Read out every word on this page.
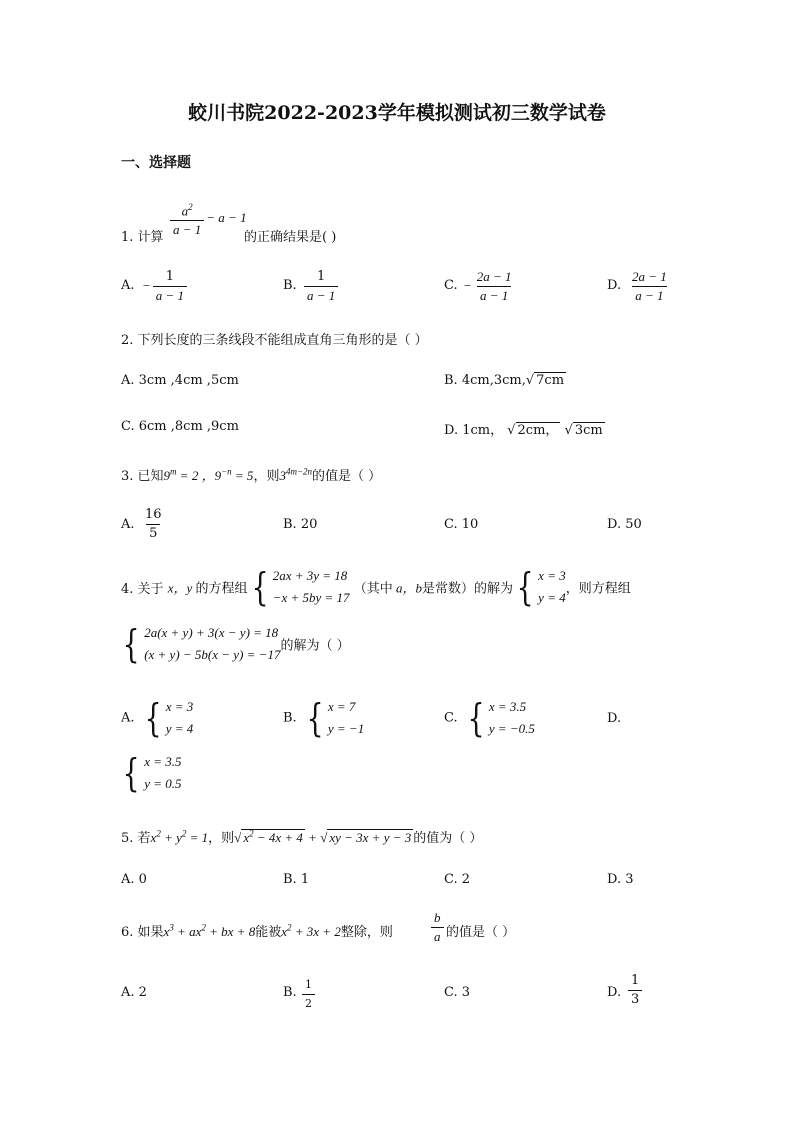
蛟川书院2022-2023学年模拟测试初三数学试卷
一、选择题
1. 计算 $\frac{a^2}{a - 1} - a - 1$
的正确结果是( )
A. − $\frac{1}{a - 1}$	B. $\frac{1}{a - 1}$	C. − $\frac{2a - 1}{a - 1}$	D. $\frac{2a - 1}{a - 1}$
2. 下列长度的三条线段不能组成直角三角形的是（ ）
A. 3cm ,4cm ,5cm	B. 4cm,3cm,√ 7cm
C. 6cm ,8cm ,9cm	D. 1cm， √ 2cm， √ 3cm
3. 已知$9^m = 2$ ，$9^{-n} = 5$，则$3^{4m-2n}$的值是（ ）
A. $\frac{16}{5}$	B. 20	C. 10	D. 50
4. 关于 x，y 的方程组 { 2ax + 3y = 18
−x + 5by = 17
（其中 a，b是常数）的解为 { x = 3
y = 4
，则方程组
{ 2a(x + y) + 3(x − y) = 18
(x + y) − 5b(x − y) = −17
的解为（ ）
A. { x = 3
y = 4
B. { x = 7
y = −1
C. { x = 3.5
y = −0.5
D.
{ x = 3.5
y = 0.5
5. 若$x^2 + y^2 = 1$，则√ $x^2 - 4x + 4$ + √ xy − 3x + y − 3 的值为（ ）
A. 0	B. 1	C. 2	D. 3
6. 如果$x^3 + ax^2$ + bx + 8能被$x^2 + 3x + 2$整除，则	$\frac{b}{a}$ 的值是（ ）
A. 2	B. $\frac{1}{2}$	C. 3	D. $\frac{1}{3}$
